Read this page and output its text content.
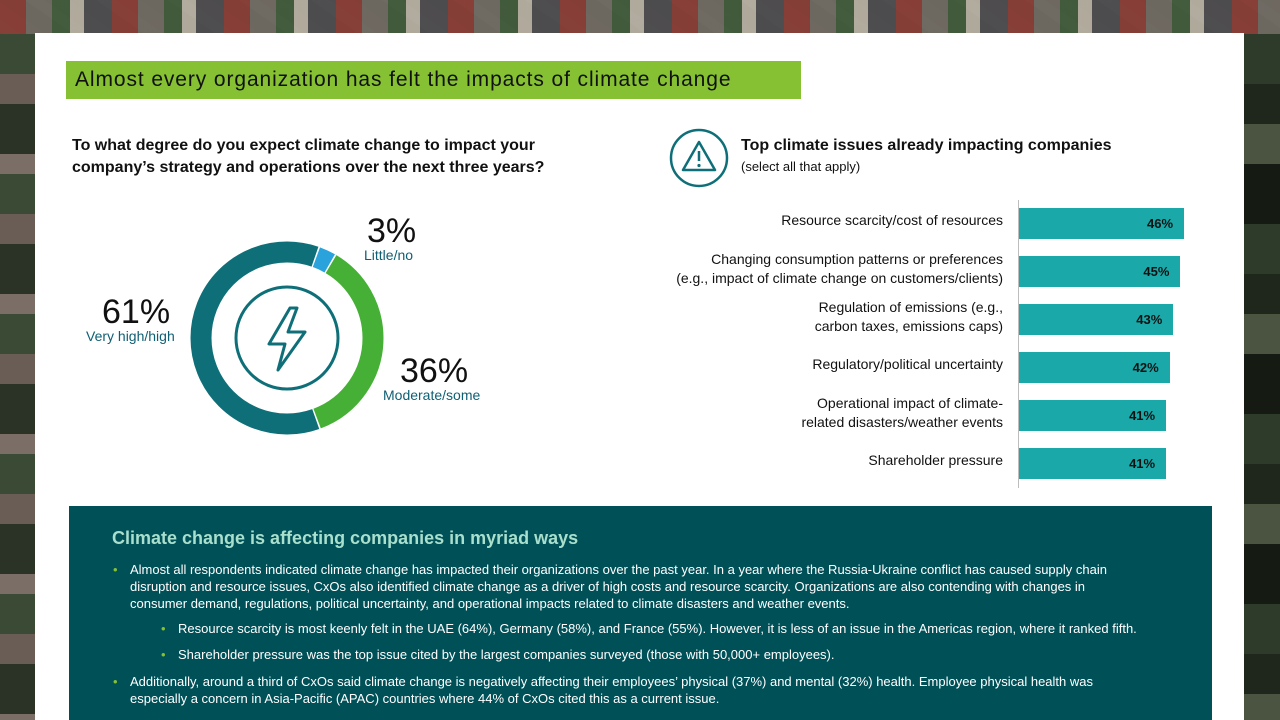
Almost every organization has felt the impacts of climate change
To what degree do you expect climate change to impact your
company’s strategy and operations over the next three years?
61%
Very high/high
36%
Moderate/some
3%
Little/no
Top climate issues already impacting companies
(select all that apply)
46%
Resource scarcity/cost of resources
45%
Changing consumption patterns or preferences
(e.g., impact of climate change on customers/clients)
43%
Regulation of emissions (e.g.,
carbon taxes, emissions caps)
42%
Regulatory/political uncertainty
41%
Operational impact of climate-
related disasters/weather events
41%
Shareholder pressure
Climate change is affecting companies in myriad ways
• Almost all respondents indicated climate change has impacted their organizations over the past year. In a year where the Russia-Ukraine conflict has caused supply chain
disruption and resource issues, CxOs also identified climate change as a driver of high costs and resource scarcity. Organizations are also contending with changes in
consumer demand, regulations, political uncertainty, and operational impacts related to climate disasters and weather events.
• Resource scarcity is most keenly felt in the UAE (64%), Germany (58%), and France (55%). However, it is less of an issue in the Americas region, where it ranked fifth.
• Shareholder pressure was the top issue cited by the largest companies surveyed (those with 50,000+ employees).
• Additionally, around a third of CxOs said climate change is negatively affecting their employees’ physical (37%) and mental (32%) health. Employee physical health was
especially a concern in Asia-Pacific (APAC) countries where 44% of CxOs cited this as a current issue.
